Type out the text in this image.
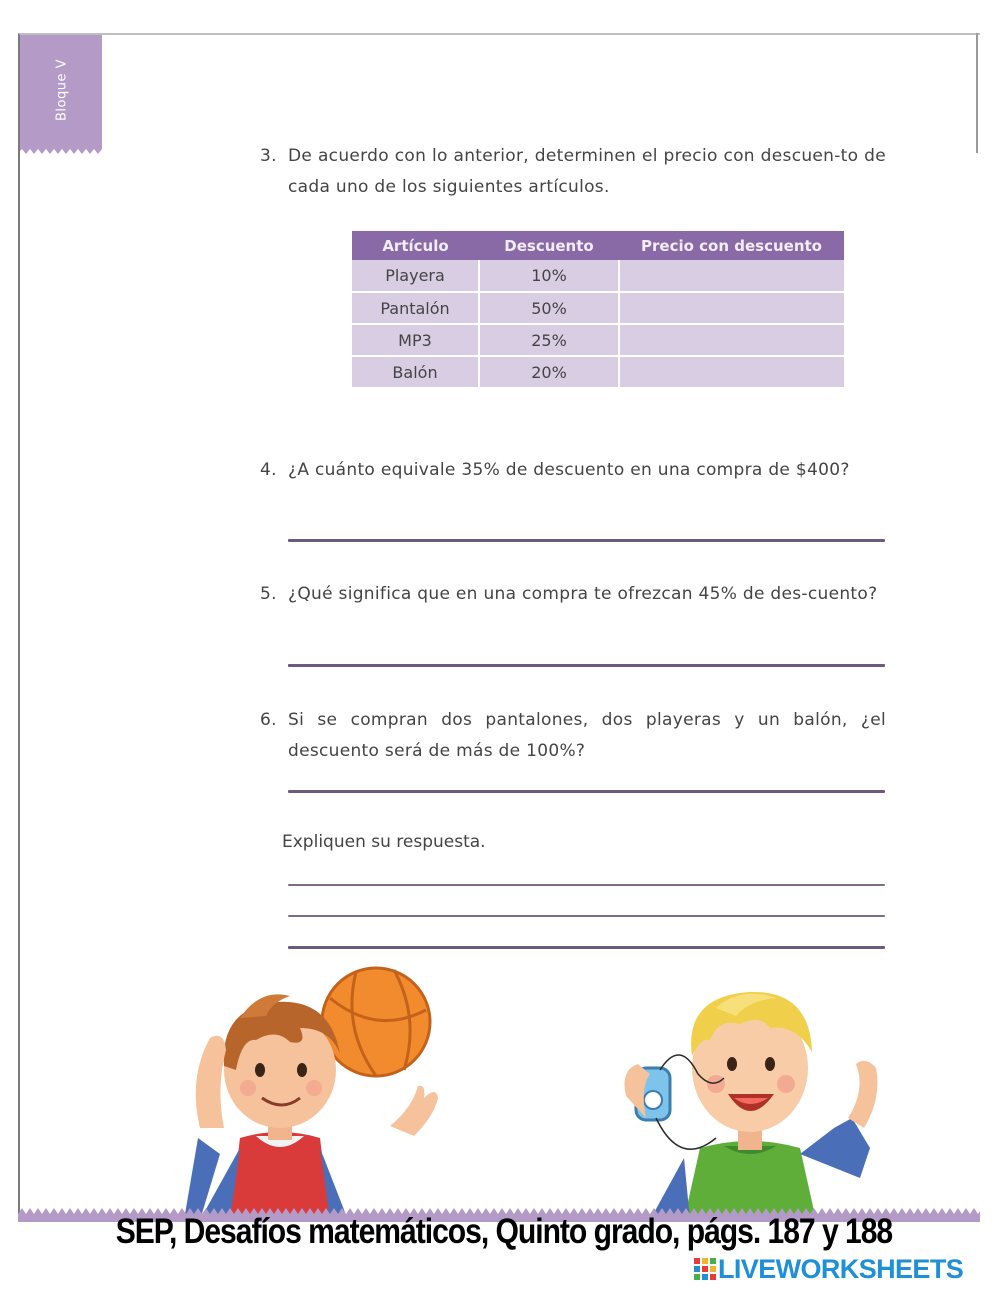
Bloque V
3. De acuerdo con lo anterior, determinen el precio con descuen-to de cada uno de los siguientes artículos.
Artículo	Descuento	Precio con descuento
Playera	10%	
Pantalón	50%	
MP3	25%	
Balón	20%	
4. ¿A cuánto equivale 35% de descuento en una compra de $400?
5. ¿Qué significa que en una compra te ofrezcan 45% de des-cuento?
6. Si se compran dos pantalones, dos playeras y un balón, ¿el descuento será de más de 100%?
Expliquen su respuesta.
SEP, Desafíos matemáticos, Quinto grado, págs. 187 y 188
LIVEWORKSHEETS
